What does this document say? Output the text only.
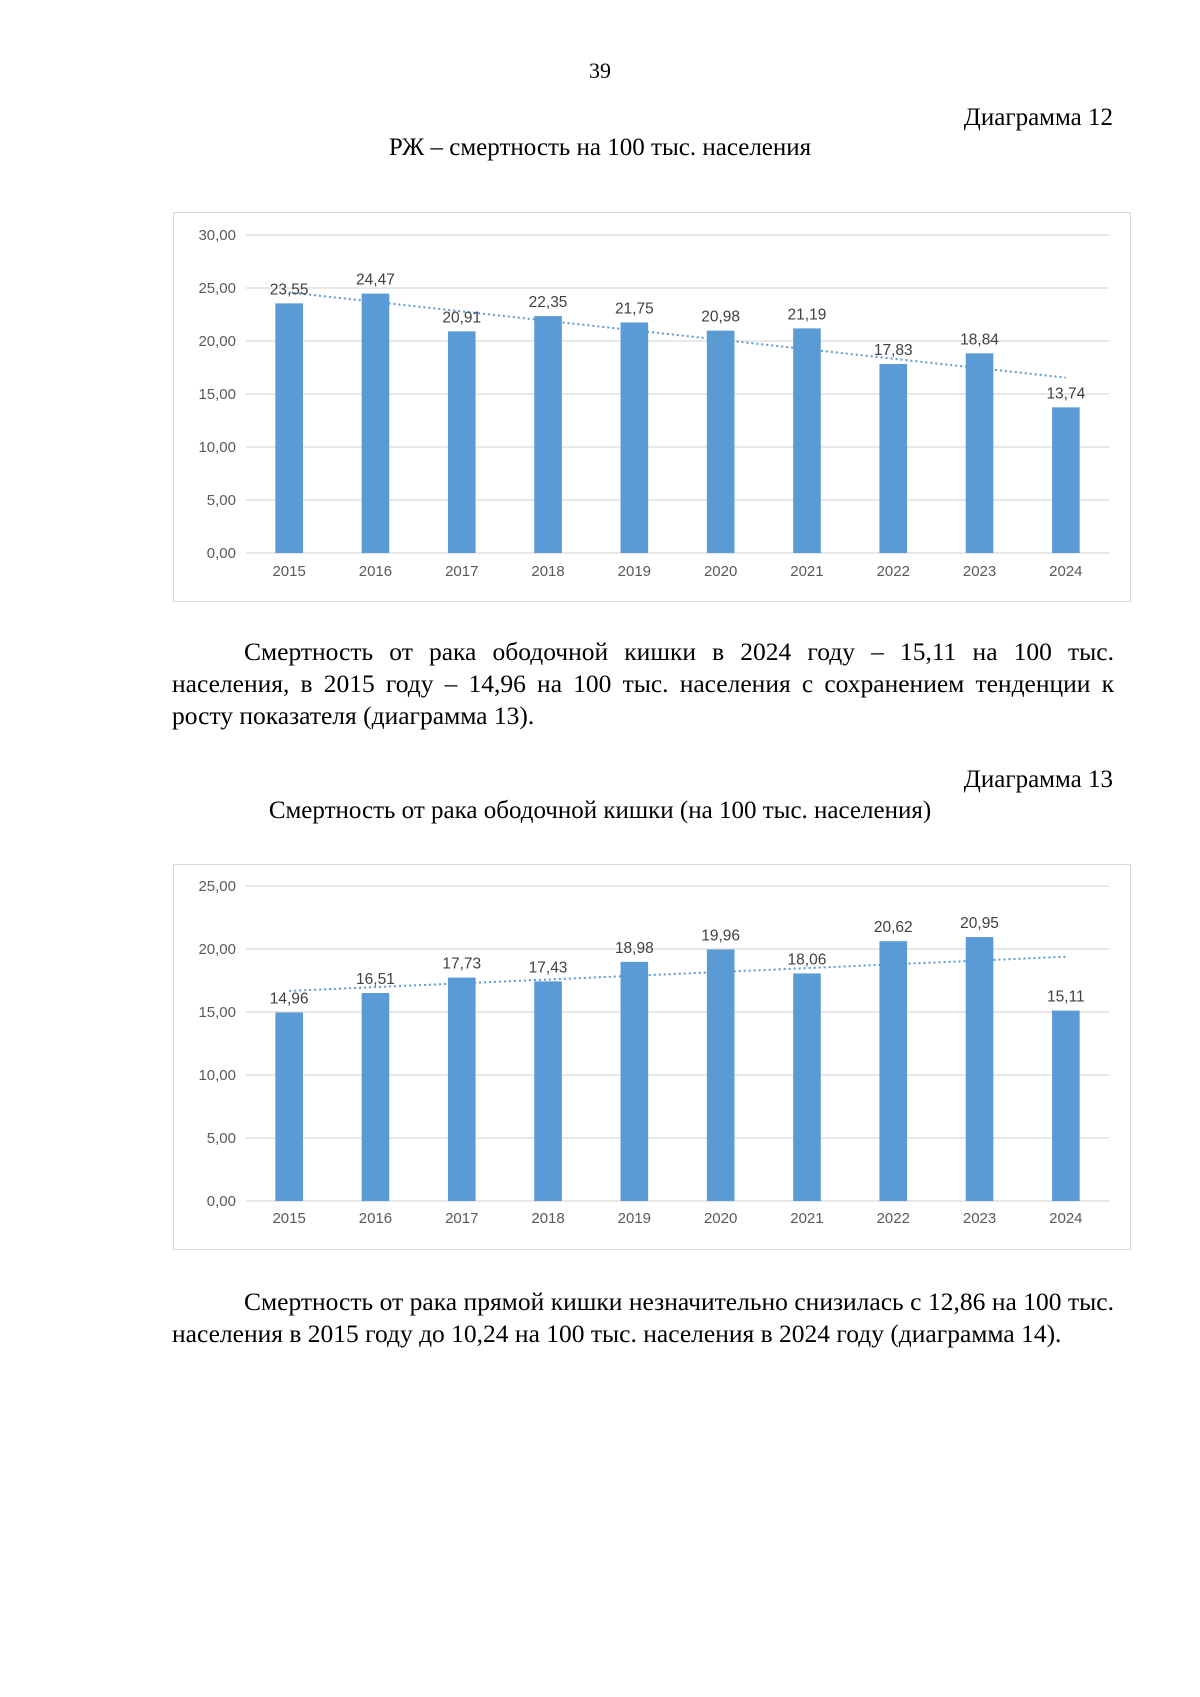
39
Диаграмма 12
РЖ – смертность на 100 тыс. населения
0,00
5,00
10,00
15,00
20,00
25,00
30,00
23,55
24,47
20,91
22,35	21,75	20,98	21,19
17,83
18,84
13,74
2015	2016	2017	2018	2019	2020	2021	2022	2023	2024
Смертность от рака ободочной кишки в 2024 году – 15,11 на 100 тыс. населения, в 2015 году – 14,96 на 100 тыс. населения с сохранением тенденции к росту показателя (диаграмма 13).
Диаграмма 13
Смертность от рака ободочной кишки (на 100 тыс. населения)
0,00
5,00
10,00
15,00
20,00
25,00
14,96
16,51
17,73	17,43
18,98
19,96
18,06
20,62	20,95
15,11
2015	2016	2017	2018	2019	2020	2021	2022	2023	2024
Смертность от рака прямой кишки незначительно снизилась с 12,86 на 100 тыс. населения в 2015 году до 10,24 на 100 тыс. населения в 2024 году (диаграмма 14).
